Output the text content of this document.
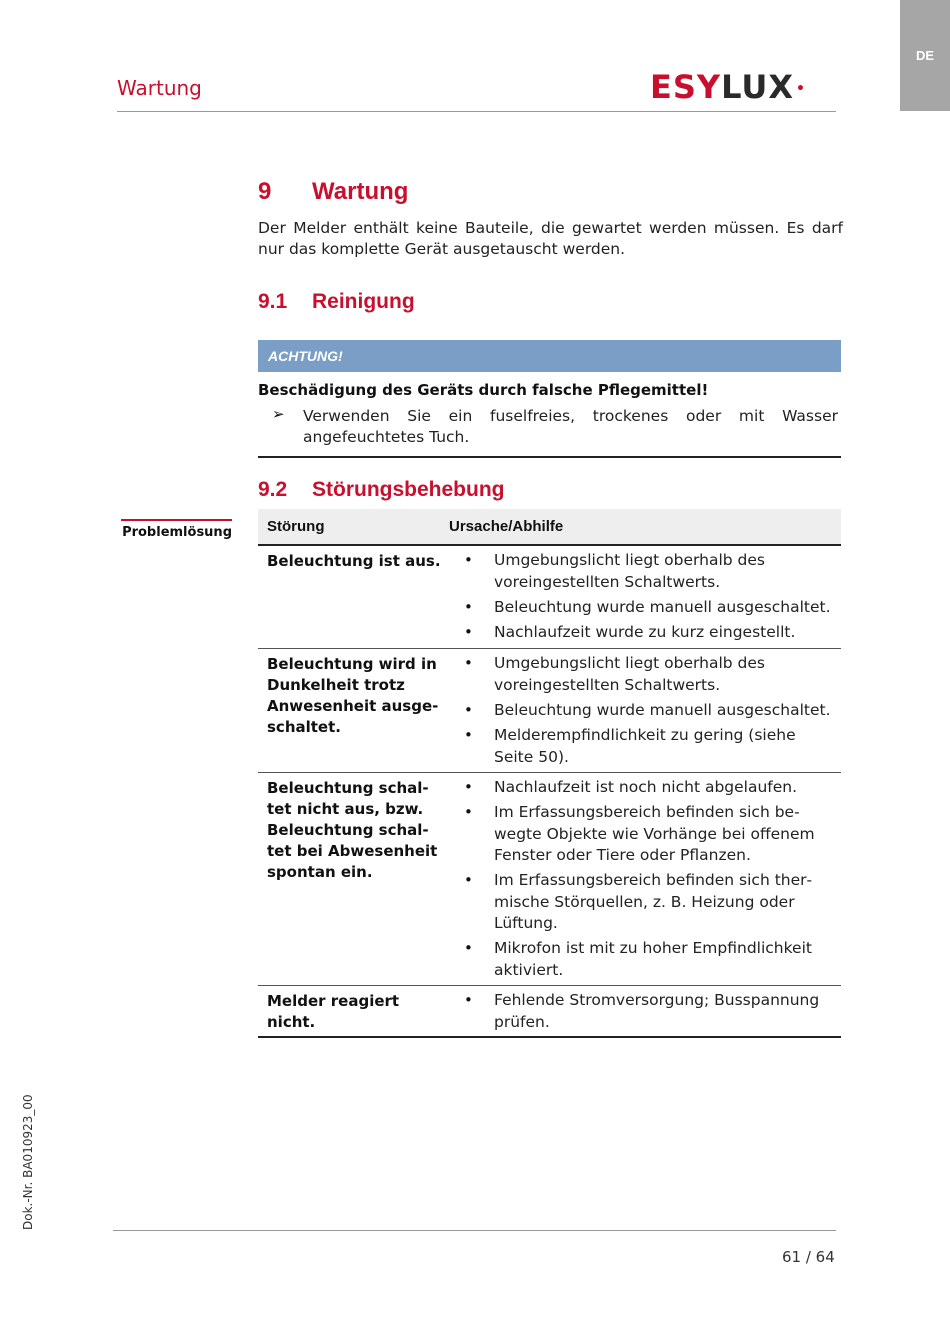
DE
Wartung	ESYLUX •
9 Wartung
Der Melder enthält keine Bauteile, die gewartet werden müssen. Es darf nur das komplette Gerät ausgetauscht werden.
9.1 Reinigung
ACHTUNG!
Beschädigung des Geräts durch falsche Pflegemittel!
➢ Verwenden Sie ein fuselfreies, trockenes oder mit Wasser angefeuchtetes Tuch.
9.2 Störungsbehebung
Problemlösung Störung	Ursache/Abhilfe
Beleuchtung ist aus. • Umgebungslicht liegt oberhalb des voreingestellten Schaltwerts.
• Beleuchtung wurde manuell ausgeschaltet.
• Nachlaufzeit wurde zu kurz eingestellt.
Beleuchtung wird in Dunkelheit trotz Anwesenheit ausgeschaltet.
• Umgebungslicht liegt oberhalb des voreingestellten Schaltwerts.
• Beleuchtung wurde manuell ausgeschaltet.
• Melderempfindlichkeit zu gering (siehe Seite 50).
Beleuchtung schaltet nicht aus, bzw. Beleuchtung schaltet bei Abwesenheit spontan ein.
• Nachlaufzeit ist noch nicht abgelaufen.
• Im Erfassungsbereich befinden sich bewegte Objekte wie Vorhänge bei offenem Fenster oder Tiere oder Pflanzen.
• Im Erfassungsbereich befinden sich thermische Störquellen, z. B. Heizung oder Lüftung.
• Mikrofon ist mit zu hoher Empfindlichkeit aktiviert.
Melder reagiert nicht.
• Fehlende Stromversorgung; Busspannung prüfen.
Dok.-Nr. BA010923_00
61 / 64
